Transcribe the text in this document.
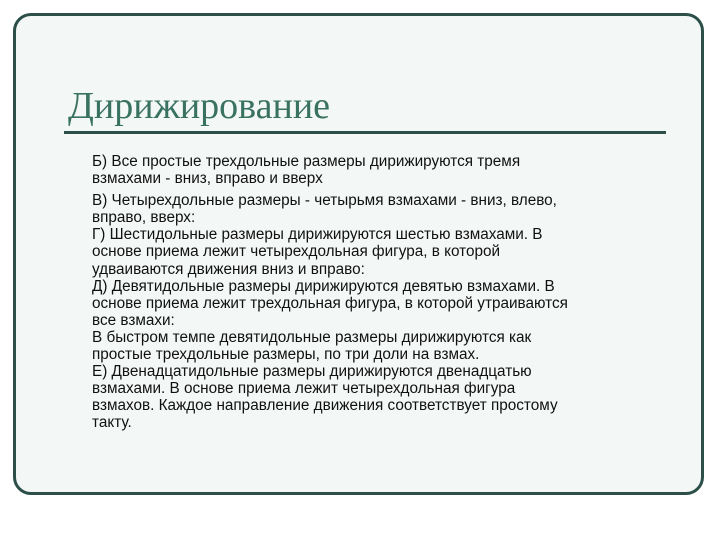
Дирижирование

Б) Все простые трехдольные размеры дирижируются тремя
взмахами - вниз, вправо и вверх

В) Четырехдольные размеры - четырьмя взмахами - вниз, влево,
вправо, вверх:
Г) Шестидольные размеры дирижируются шестью взмахами. В
основе приема лежит четырехдольная фигура, в которой
удваиваются движения вниз и вправо:
Д) Девятидольные размеры дирижируются девятью взмахами. В
основе приема лежит трехдольная фигура, в которой утраиваются
все взмахи:
В быстром темпе девятидольные размеры дирижируются как
простые трехдольные размеры, по три доли на взмах.
Е) Двенадцатидольные размеры дирижируются двенадцатью
взмахами. В основе приема лежит четырехдольная фигура
взмахов. Каждое направление движения соответствует простому
такту.
